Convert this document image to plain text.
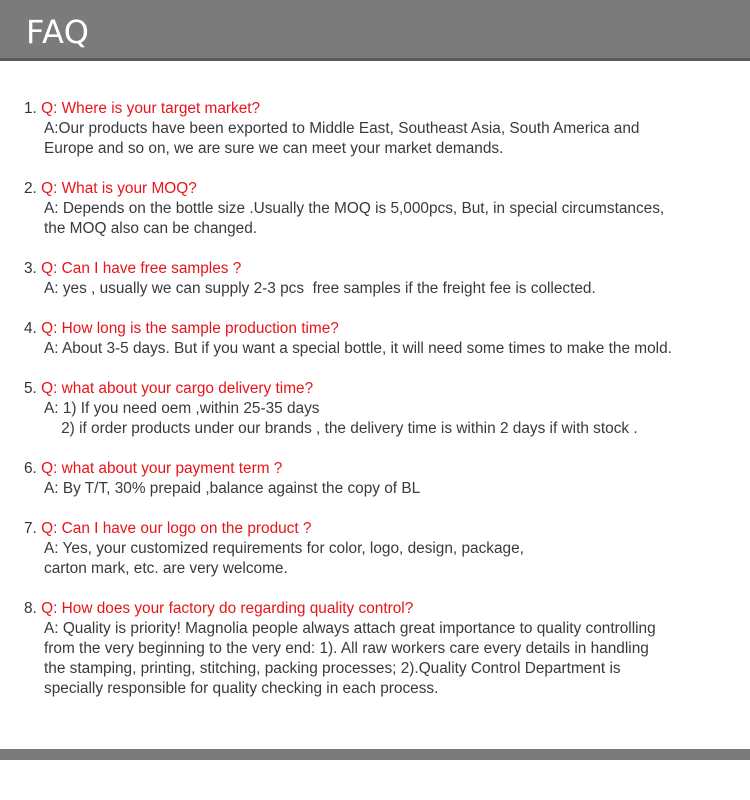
FAQ
1. Q: Where is your target market?
A:Our products have been exported to Middle East, Southeast Asia, South America and
Europe and so on, we are sure we can meet your market demands.
2. Q: What is your MOQ?
A: Depends on the bottle size .Usually the MOQ is 5,000pcs, But, in special circumstances,
the MOQ also can be changed.
3. Q: Can I have free samples ?
A: yes , usually we can supply 2-3 pcs  free samples if the freight fee is collected.
4. Q: How long is the sample production time?
A: About 3-5 days. But if you want a special bottle, it will need some times to make the mold.
5. Q: what about your cargo delivery time?
A: 1) If you need oem ,within 25-35 days
2) if order products under our brands , the delivery time is within 2 days if with stock .
6. Q: what about your payment term ?
A: By T/T, 30% prepaid ,balance against the copy of BL
7. Q: Can I have our logo on the product ?
A: Yes, your customized requirements for color, logo, design, package,
carton mark, etc. are very welcome.
8. Q: How does your factory do regarding quality control?
A: Quality is priority! Magnolia people always attach great importance to quality controlling
from the very beginning to the very end: 1). All raw workers care every details in handling
the stamping, printing, stitching, packing processes; 2).Quality Control Department is
specially responsible for quality checking in each process.
